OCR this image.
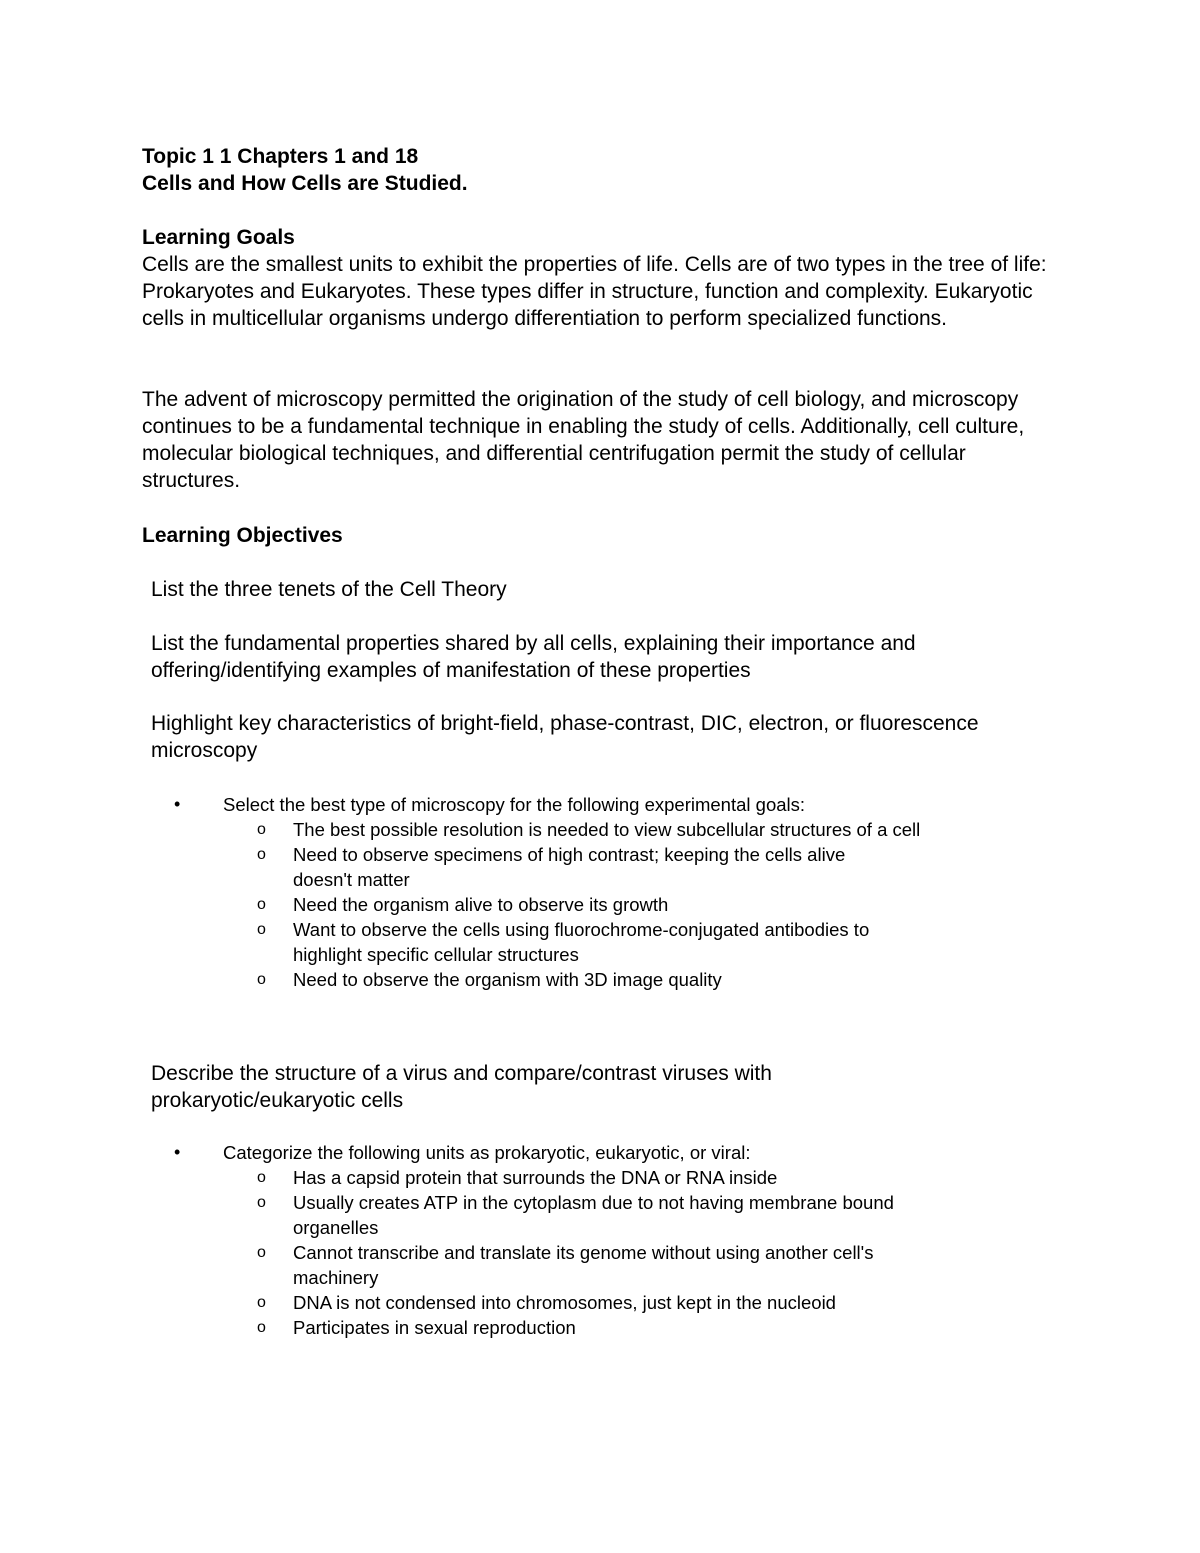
Topic 1 1 Chapters 1 and 18

Cells and How Cells are Studied.

Learning Goals

Cells are the smallest units to exhibit the properties of life. Cells are of two types in the tree of life: Prokaryotes and Eukaryotes. These types differ in structure, function and complexity. Eukaryotic cells in multicellular organisms undergo differentiation to perform specialized functions.

The advent of microscopy permitted the origination of the study of cell biology, and microscopy continues to be a fundamental technique in enabling the study of cells. Additionally, cell culture, molecular biological techniques, and differential centrifugation permit the study of cellular structures.

Learning Objectives

List the three tenets of the Cell Theory

List the fundamental properties shared by all cells, explaining their importance and offering/identifying examples of manifestation of these properties

Highlight key characteristics of bright-field, phase-contrast, DIC, electron, or fluorescence microscopy

• Select the best type of microscopy for the following experimental goals:
o The best possible resolution is needed to view subcellular structures of a cell
o Need to observe specimens of high contrast; keeping the cells alive doesn't matter
o Need the organism alive to observe its growth
o Want to observe the cells using fluorochrome-conjugated antibodies to highlight specific cellular structures
o Need to observe the organism with 3D image quality

Describe the structure of a virus and compare/contrast viruses with prokaryotic/eukaryotic cells

• Categorize the following units as prokaryotic, eukaryotic, or viral:
o Has a capsid protein that surrounds the DNA or RNA inside
o Usually creates ATP in the cytoplasm due to not having membrane bound organelles
o Cannot transcribe and translate its genome without using another cell's machinery
o DNA is not condensed into chromosomes, just kept in the nucleoid
o Participates in sexual reproduction
